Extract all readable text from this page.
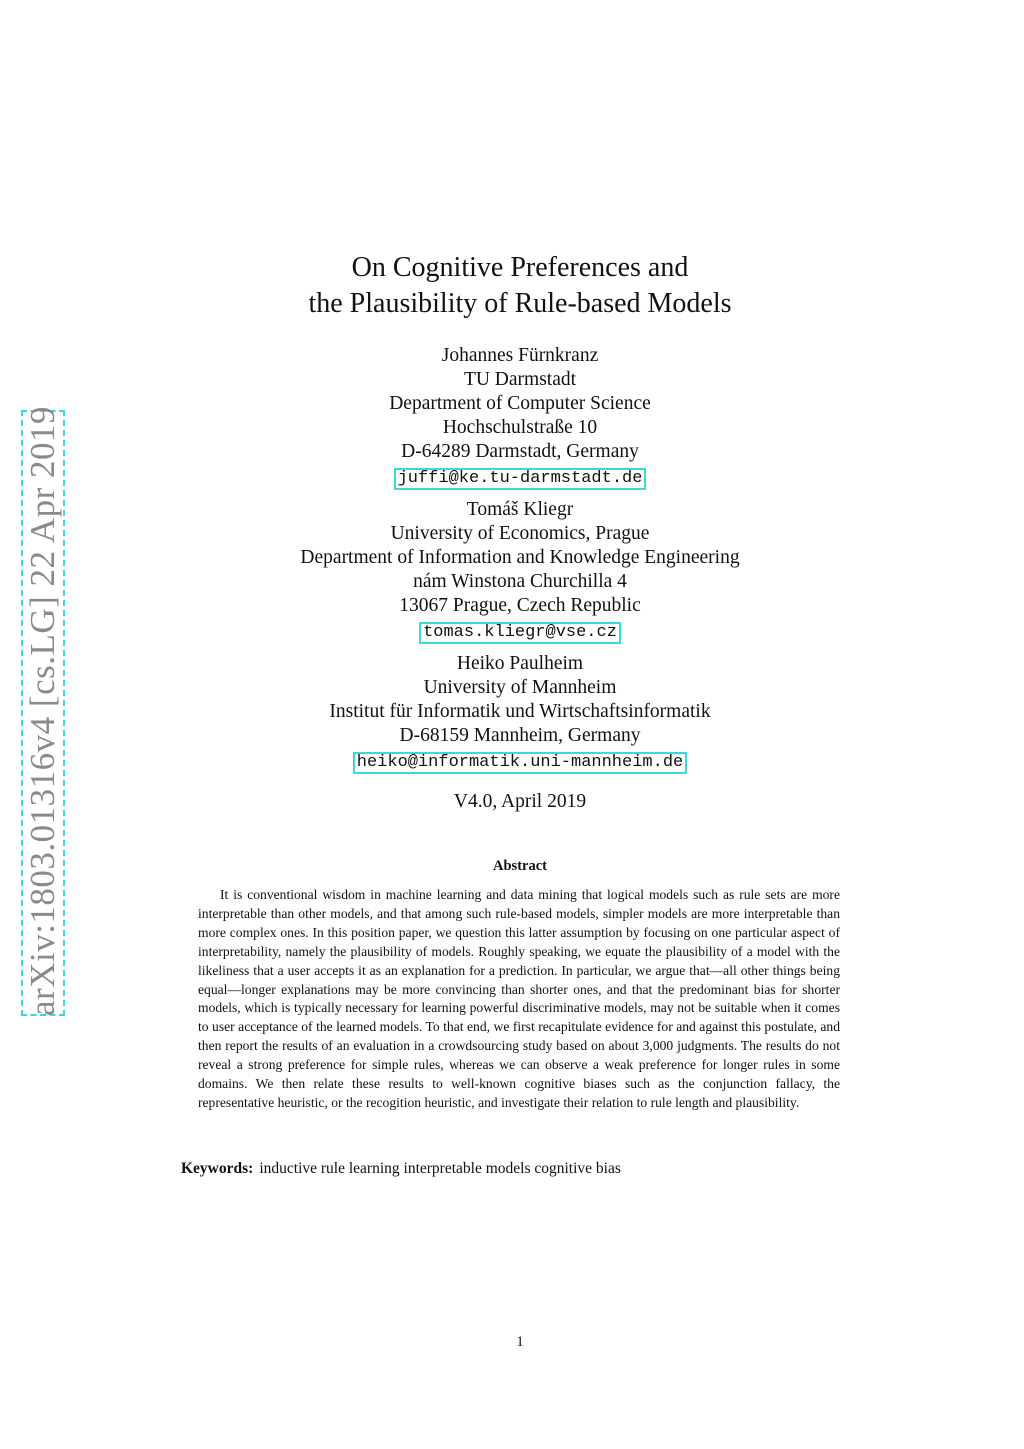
arXiv:1803.01316v4 [cs.LG] 22 Apr 2019
On Cognitive Preferences and
the Plausibility of Rule-based Models
Johannes Fürnkranz
TU Darmstadt
Department of Computer Science
Hochschulstraße 10
D-64289 Darmstadt, Germany
juffi@ke.tu-darmstadt.de
Tomáš Kliegr
University of Economics, Prague
Department of Information and Knowledge Engineering
nám Winstona Churchilla 4
13067 Prague, Czech Republic
tomas.kliegr@vse.cz
Heiko Paulheim
University of Mannheim
Institut für Informatik und Wirtschaftsinformatik
D-68159 Mannheim, Germany
heiko@informatik.uni-mannheim.de
V4.0, April 2019
Abstract

It is conventional wisdom in machine learning and data mining that logical models such as rule sets are more interpretable than other models, and that among such rule-based models, simpler models are more interpretable than more complex ones. In this position paper, we question this latter assumption by focusing on one particular aspect of interpretability, namely the plausibility of models. Roughly speaking, we equate the plausibility of a model with the likeliness that a user accepts it as an explanation for a prediction. In particular, we argue that—all other things being equal—longer explanations may be more convincing than shorter ones, and that the predominant bias for shorter models, which is typically necessary for learning powerful discriminative models, may not be suitable when it comes to user acceptance of the learned models. To that end, we first recapitulate evidence for and against this postulate, and then report the results of an evaluation in a crowdsourcing study based on about 3,000 judgments. The results do not reveal a strong preference for simple rules, whereas we can observe a weak preference for longer rules in some domains. We then relate these results to well-known cognitive biases such as the conjunction fallacy, the representative heuristic, or the recogition heuristic, and investigate their relation to rule length and plausibility.

Keywords: inductive rule learning interpretable models cognitive bias
1
